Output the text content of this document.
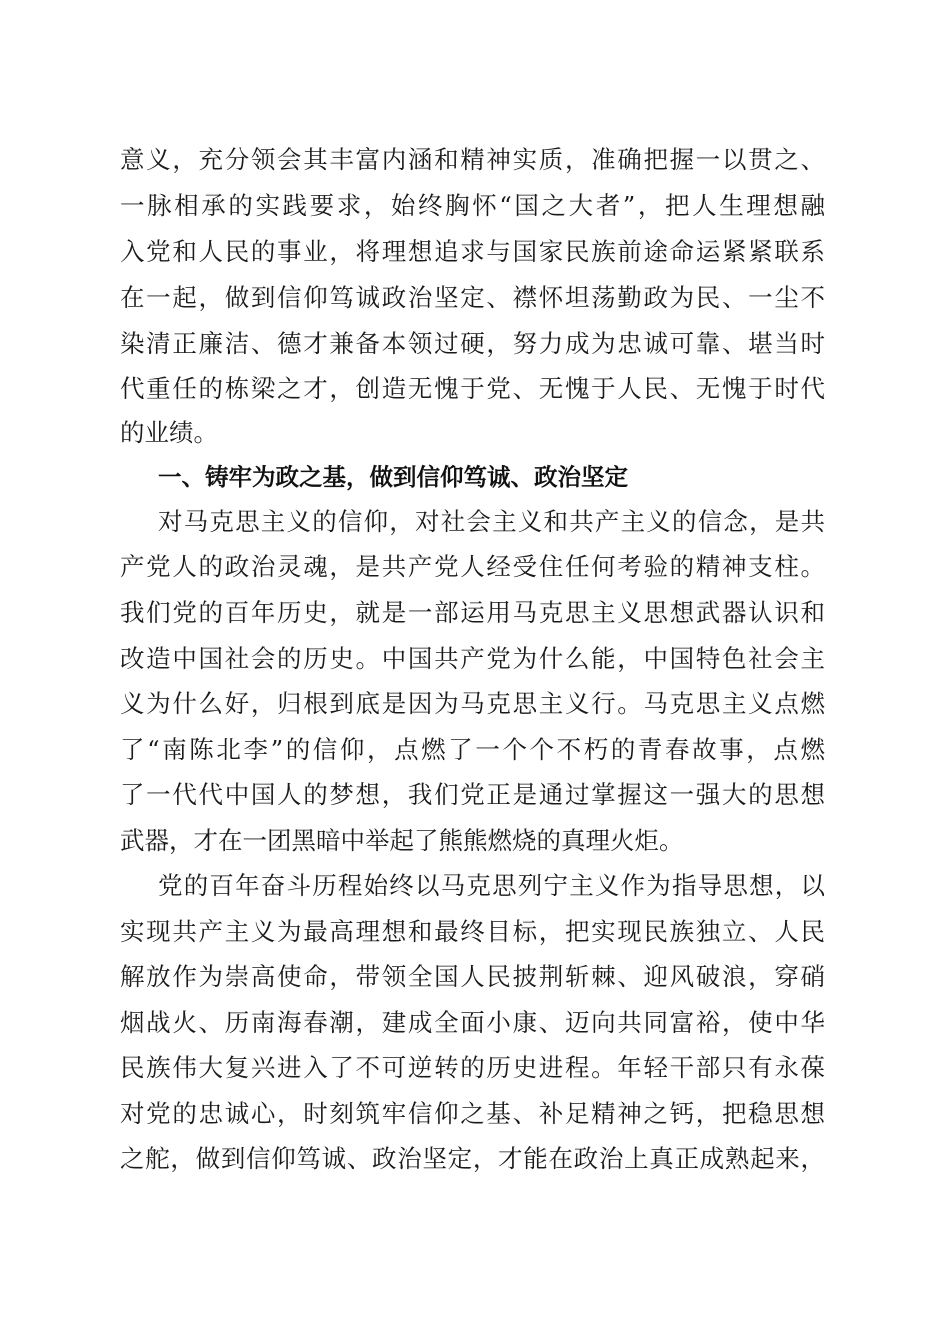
意义，充分领会其丰富内涵和精神实质，准确把握一以贯之、
一脉相承的实践要求，始终胸怀“国之大者”，把人生理想融
入党和人民的事业，将理想追求与国家民族前途命运紧紧联系
在一起，做到信仰笃诚政治坚定、襟怀坦荡勤政为民、一尘不
染清正廉洁、德才兼备本领过硬，努力成为忠诚可靠、堪当时
代重任的栋梁之才，创造无愧于党、无愧于人民、无愧于时代
的业绩。
一、铸牢为政之基，做到信仰笃诚、政治坚定
对马克思主义的信仰，对社会主义和共产主义的信念，是共
产党人的政治灵魂，是共产党人经受住任何考验的精神支柱。
我们党的百年历史，就是一部运用马克思主义思想武器认识和
改造中国社会的历史。中国共产党为什么能，中国特色社会主
义为什么好，归根到底是因为马克思主义行。马克思主义点燃
了“南陈北李”的信仰，点燃了一个个不朽的青春故事，点燃
了一代代中国人的梦想，我们党正是通过掌握这一强大的思想
武器，才在一团黑暗中举起了熊熊燃烧的真理火炬。
党的百年奋斗历程始终以马克思列宁主义作为指导思想，以
实现共产主义为最高理想和最终目标，把实现民族独立、人民
解放作为崇高使命，带领全国人民披荆斩棘、迎风破浪，穿硝
烟战火、历南海春潮，建成全面小康、迈向共同富裕，使中华
民族伟大复兴进入了不可逆转的历史进程。年轻干部只有永葆
对党的忠诚心，时刻筑牢信仰之基、补足精神之钙，把稳思想
之舵，做到信仰笃诚、政治坚定，才能在政治上真正成熟起来，
